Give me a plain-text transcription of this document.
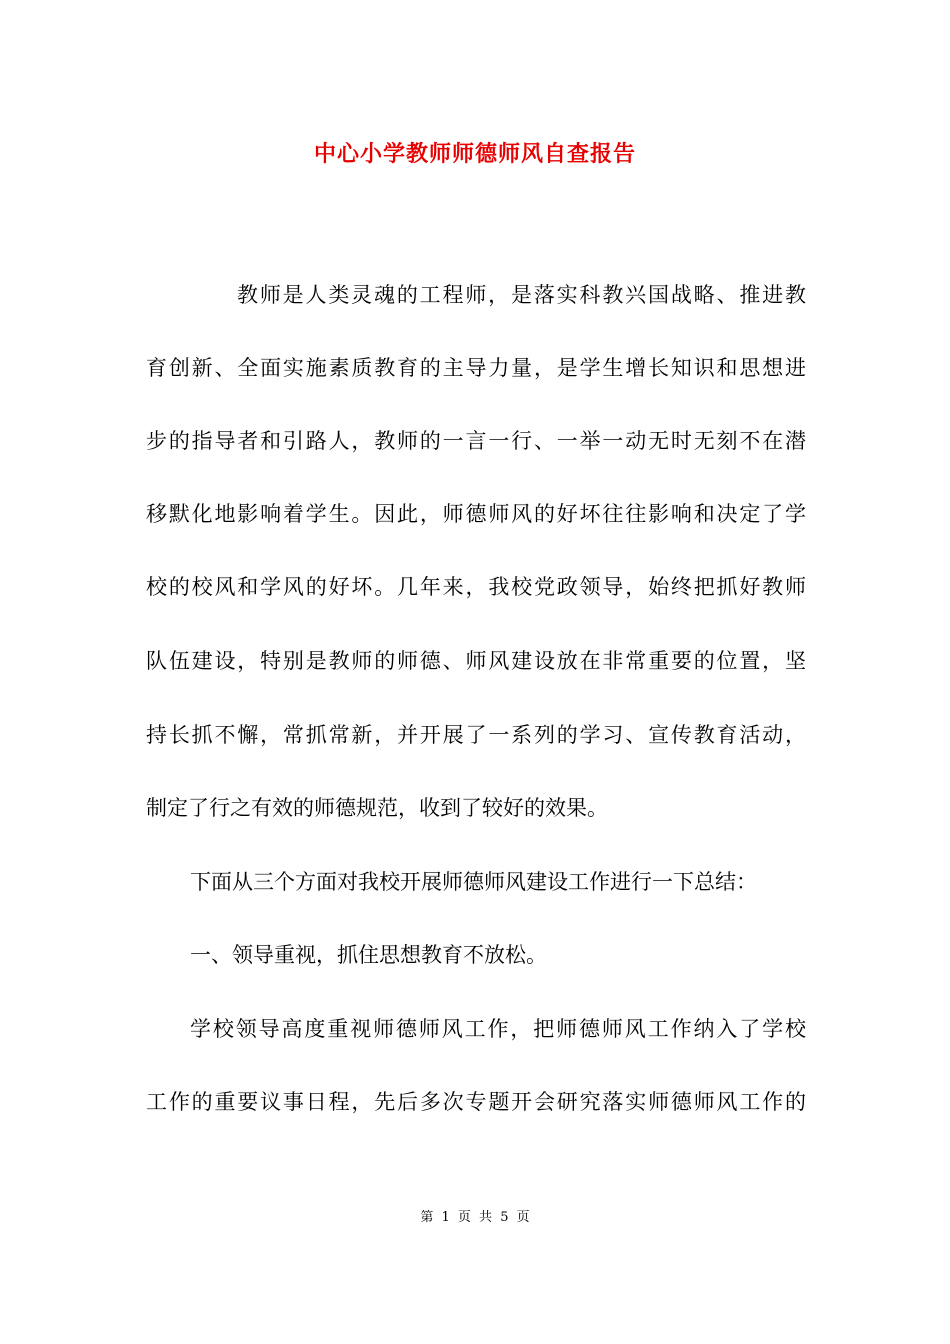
中心小学教师师德师风自查报告
教师是人类灵魂的工程师，是落实科教兴国战略、推进教
育创新、全面实施素质教育的主导力量，是学生增长知识和思想进
步的指导者和引路人，教师的一言一行、一举一动无时无刻不在潜
移默化地影响着学生。因此，师德师风的好坏往往影响和决定了学
校的校风和学风的好坏。几年来，我校党政领导，始终把抓好教师
队伍建设，特别是教师的师德、师风建设放在非常重要的位置，坚
持长抓不懈，常抓常新，并开展了一系列的学习、宣传教育活动，
制定了行之有效的师德规范，收到了较好的效果。
下面从三个方面对我校开展师德师风建设工作进行一下总结：
一、领导重视，抓住思想教育不放松。
学校领导高度重视师德师风工作，把师德师风工作纳入了学校
工作的重要议事日程，先后多次专题开会研究落实师德师风工作的
第 1 页 共 5 页
